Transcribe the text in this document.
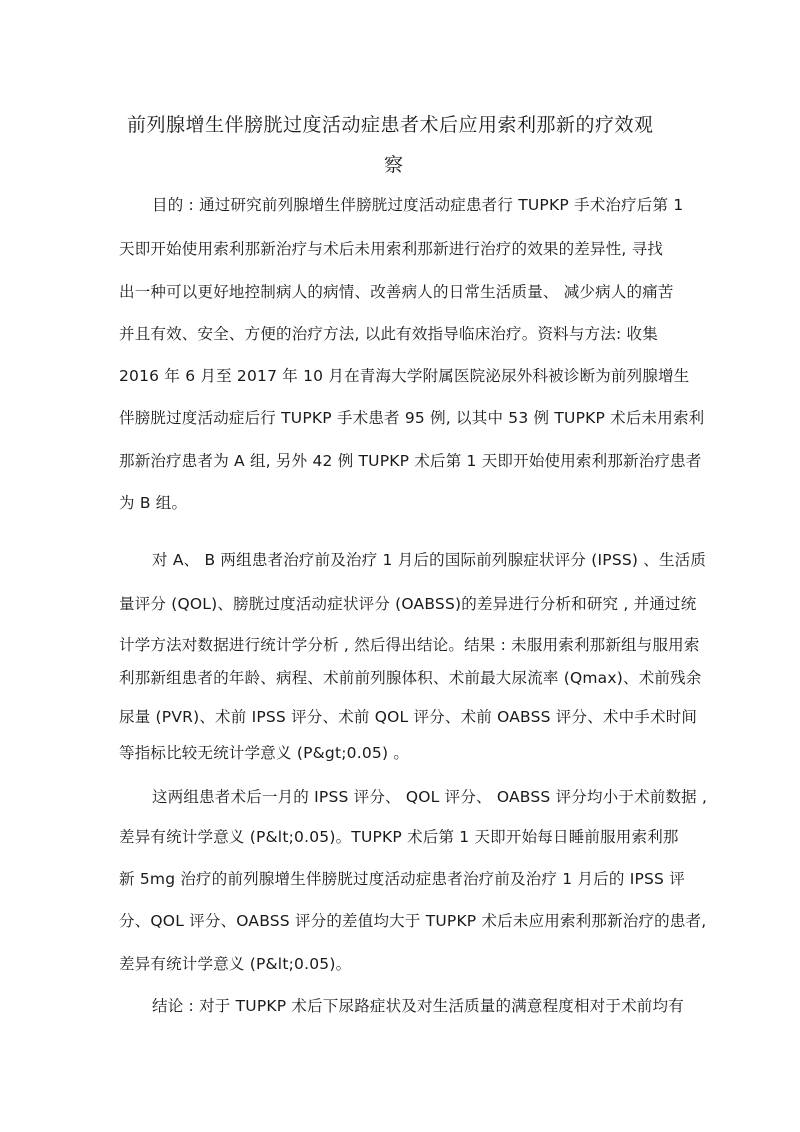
前列腺增生伴膀胱过度活动症患者术后应用索利那新的疗效观
察
目的 : 通过研究前列腺增生伴膀胱过度活动症患者行 TUPKP 手术治疗后第 1
天即开始使用索利那新治疗与术后未用索利那新进行治疗的效果的差异性, 寻找
出一种可以更好地控制病人的病情、改善病人的日常生活质量、 减少病人的痛苦
并且有效、安全、方便的治疗方法, 以此有效指导临床治疗。资料与方法: 收集
2016 年 6 月至 2017 年 10 月在青海大学附属医院泌尿外科被诊断为前列腺增生
伴膀胱过度活动症后行 TUPKP 手术患者 95 例, 以其中 53 例 TUPKP 术后未用索利
那新治疗患者为 A 组, 另外 42 例 TUPKP 术后第 1 天即开始使用索利那新治疗患者
为 B 组。
对 A、 B 两组患者治疗前及治疗 1 月后的国际前列腺症状评分 (IPSS) 、生活质
量评分 (QOL)、膀胱过度活动症状评分 (OABSS)的差异进行分析和研究 , 并通过统
计学方法对数据进行统计学分析 , 然后得出结论。结果 : 未服用索利那新组与服用索
利那新组患者的年龄、病程、术前前列腺体积、术前最大尿流率 (Qmax)、术前残余
尿量 (PVR)、术前 IPSS 评分、术前 QOL 评分、术前 OABSS 评分、术中手术时间
等指标比较无统计学意义 (P&gt;0.05) 。
这两组患者术后一月的 IPSS 评分、 QOL 评分、 OABSS 评分均小于术前数据 ,
差异有统计学意义 (P&lt;0.05)。TUPKP 术后第 1 天即开始每日睡前服用索利那
新 5mg 治疗的前列腺增生伴膀胱过度活动症患者治疗前及治疗 1 月后的 IPSS 评
分、QOL 评分、OABSS 评分的差值均大于 TUPKP 术后未应用索利那新治疗的患者,
差异有统计学意义 (P&lt;0.05)。
结论 : 对于 TUPKP 术后下尿路症状及对生活质量的满意程度相对于术前均有
